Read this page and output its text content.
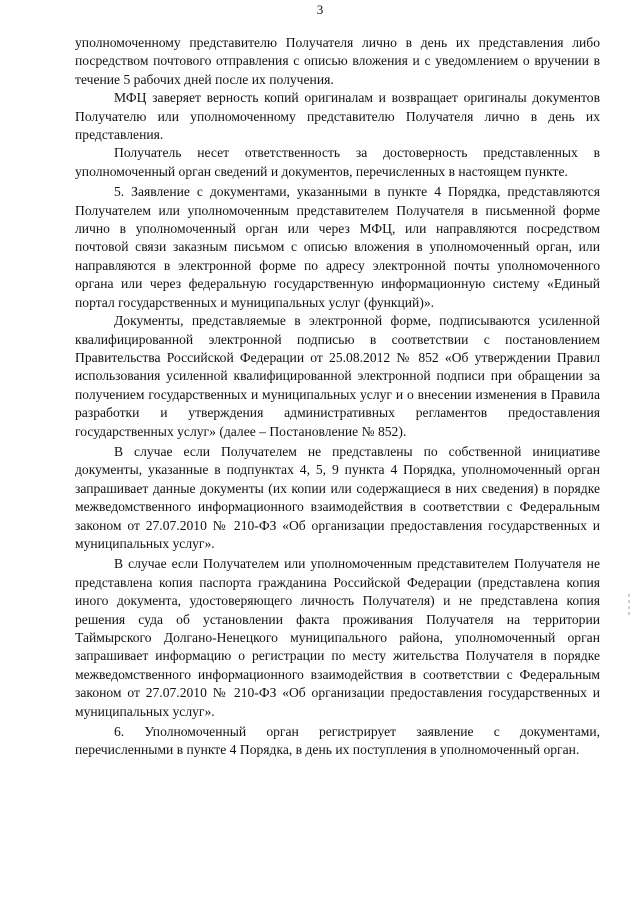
3

уполномоченному представителю Получателя лично в день их представления либо посредством почтового отправления с описью вложения и с уведомлением о вручении в течение 5 рабочих дней после их получения.

МФЦ заверяет верность копий оригиналам и возвращает оригиналы документов Получателю или уполномоченному представителю Получателя лично в день их представления.

Получатель несет ответственность за достоверность представленных в уполномоченный орган сведений и документов, перечисленных в настоящем пункте.

5. Заявление с документами, указанными в пункте 4 Порядка, представляются Получателем или уполномоченным представителем Получателя в письменной форме лично в уполномоченный орган или через МФЦ, или направляются посредством почтовой связи заказным письмом с описью вложения в уполномоченный орган, или направляются в электронной форме по адресу электронной почты уполномоченного органа или через федеральную государственную информационную систему «Единый портал государственных и муниципальных услуг (функций)».

Документы, представляемые в электронной форме, подписываются усиленной квалифицированной электронной подписью в соответствии с постановлением Правительства Российской Федерации от 25.08.2012 № 852 «Об утверждении Правил использования усиленной квалифицированной электронной подписи при обращении за получением государственных и муниципальных услуг и о внесении изменения в Правила разработки и утверждения административных регламентов предоставления государственных услуг» (далее – Постановление № 852).

В случае если Получателем не представлены по собственной инициативе документы, указанные в подпунктах 4, 5, 9 пункта 4 Порядка, уполномоченный орган запрашивает данные документы (их копии или содержащиеся в них сведения) в порядке межведомственного информационного взаимодействия в соответствии с Федеральным законом от 27.07.2010 № 210-ФЗ «Об организации предоставления государственных и муниципальных услуг».

В случае если Получателем или уполномоченным представителем Получателя не представлена копия паспорта гражданина Российской Федерации (представлена копия иного документа, удостоверяющего личность Получателя) и не представлена копия решения суда об установлении факта проживания Получателя на территории Таймырского Долгано-Ненецкого муниципального района, уполномоченный орган запрашивает информацию о регистрации по месту жительства Получателя в порядке межведомственного информационного взаимодействия в соответствии с Федеральным законом от 27.07.2010 № 210-ФЗ «Об организации предоставления государственных и муниципальных услуг».

6. Уполномоченный орган регистрирует заявление с документами, перечисленными в пункте 4 Порядка, в день их поступления в уполномоченный орган.
